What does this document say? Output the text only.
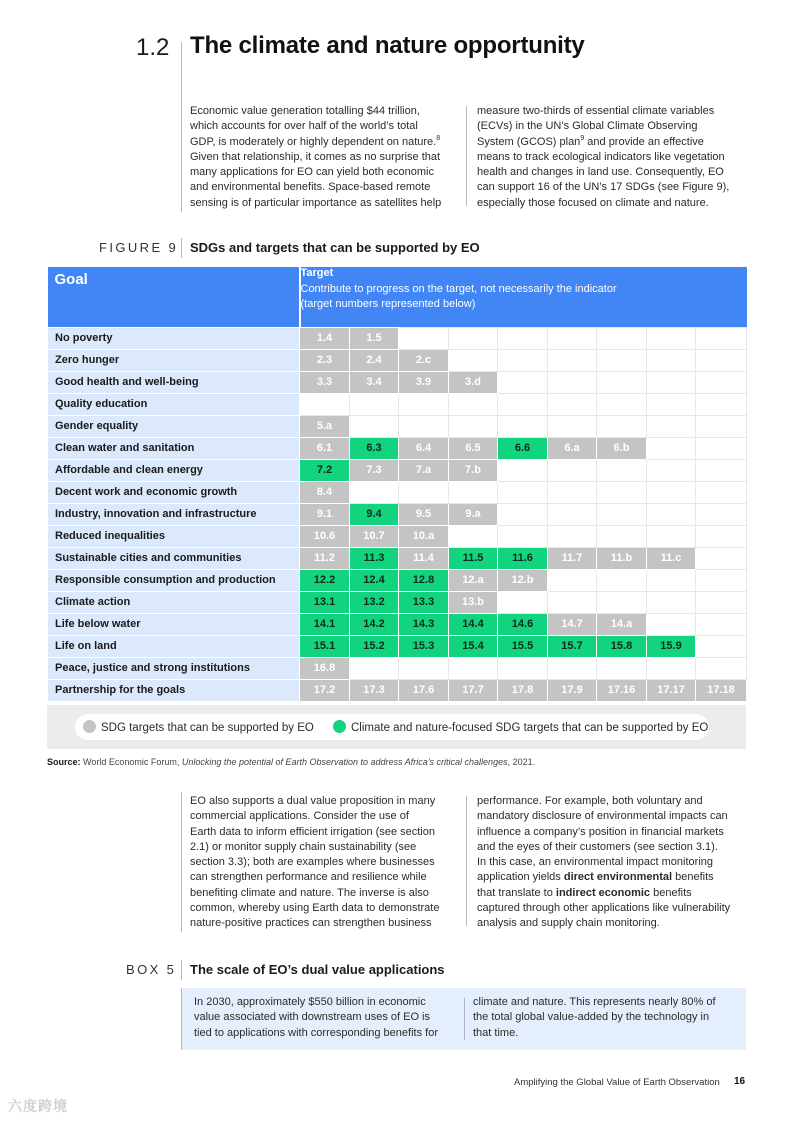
1.2 The climate and nature opportunity
Economic value generation totalling $44 trillion,
which accounts for over half of the world’s total
GDP, is moderately or highly dependent on nature.$^8$
Given that relationship, it comes as no surprise that
many applications for EO can yield both economic
and environmental benefits. Space-based remote
sensing is of particular importance as satellites help
measure two-thirds of essential climate variables
(ECVs) in the UN’s Global Climate Observing
System (GCOS) plan$^9$ and provide an effective
means to track ecological indicators like vegetation
health and changes in land use. Consequently, EO
can support 16 of the UN’s 17 SDGs (see Figure 9),
especially those focused on climate and nature.
FIGURE 9 SDGs and targets that can be supported by EO
Goal	Target
Contribute to progress on the target, not necessarily the indicator
(target numbers represented below)								

No poverty	1.4	1.5							
Zero hunger	2.3	2.4	2.c						
Good health and well-being	3.3	3.4	3.9	3.d					
Quality education									
Gender equality	5.a								
Clean water and sanitation	6.1	6.3	6.4	6.5	6.6	6.a	6.b		
Affordable and clean energy	7.2	7.3	7.a	7.b					
Decent work and economic growth	8.4								
Industry, innovation and infrastructure	9.1	9.4	9.5	9.a					
Reduced inequalities	10.6	10.7	10.a						
Sustainable cities and communities	11.2	11.3	11.4	11.5	11.6	11.7	11.b	11.c	
Responsible consumption and production	12.2	12.4	12.8	12.a	12.b				
Climate action	13.1	13.2	13.3	13.b					
Life below water	14.1	14.2	14.3	14.4	14.6	14.7	14.a		
Life on land	15.1	15.2	15.3	15.4	15.5	15.7	15.8	15.9	
Peace, justice and strong institutions	16.8								
Partnership for the goals	17.2	17.3	17.6	17.7	17.8	17.9	17.16	17.17	17.18
SDG targets that can be supported by EO	Climate and nature-focused SDG targets that can be supported by EO
Source: World Economic Forum, Unlocking the potential of Earth Observation to address Africa’s critical challenges, 2021.
EO also supports a dual value proposition in many
commercial applications. Consider the use of
Earth data to inform efficient irrigation (see section
2.1) or monitor supply chain sustainability (see
section 3.3); both are examples where businesses
can strengthen performance and resilience while
benefiting climate and nature. The inverse is also
common, whereby using Earth data to demonstrate
nature-positive practices can strengthen business
performance. For example, both voluntary and
mandatory disclosure of environmental impacts can
influence a company’s position in financial markets
and the eyes of their customers (see section 3.1).
In this case, an environmental impact monitoring
application yields direct environmental benefits
that translate to indirect economic benefits
captured through other applications like vulnerability
analysis and supply chain monitoring.
BOX 5 The scale of EO’s dual value applications
In 2030, approximately $550 billion in economic
value associated with downstream uses of EO is
tied to applications with corresponding benefits for
climate and nature. This represents nearly 80% of
the total global value-added by the technology in
that time.
Amplifying the Global Value of Earth Observation 16
六度跨境
